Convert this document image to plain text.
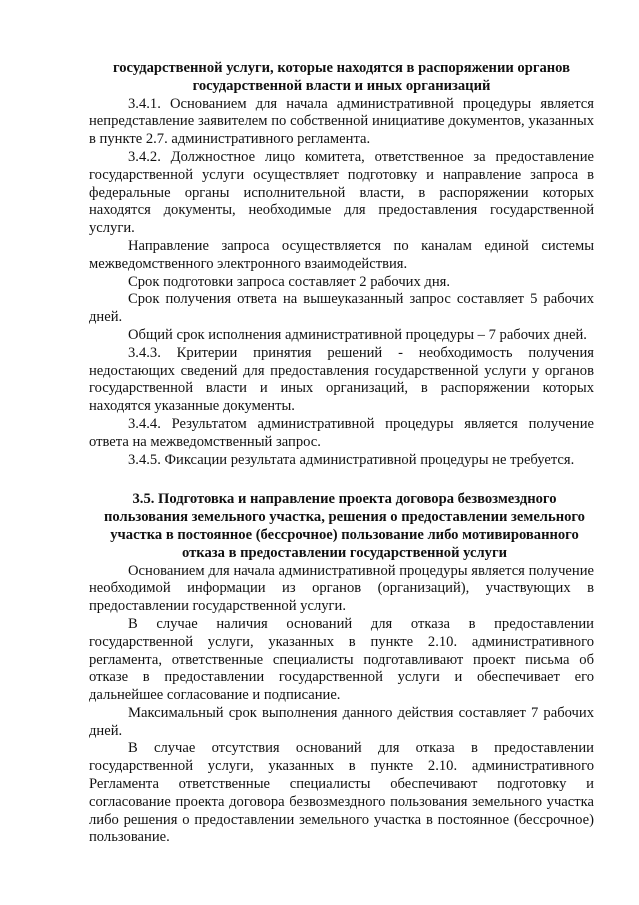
государственной услуги, которые находятся в распоряжении органов государственной власти и иных организаций

3.4.1. Основанием для начала административной процедуры является непредставление заявителем по собственной инициативе документов, указанных в пункте 2.7. административного регламента.

3.4.2. Должностное лицо комитета, ответственное за предоставление государственной услуги осуществляет подготовку и направление запроса в федеральные органы исполнительной власти, в распоряжении которых находятся документы, необходимые для предоставления государственной услуги.

Направление запроса осуществляется по каналам единой системы межведомственного электронного взаимодействия.

Срок подготовки запроса составляет 2 рабочих дня.

Срок получения ответа на вышеуказанный запрос составляет 5 рабочих дней.

Общий срок исполнения административной процедуры – 7 рабочих дней.

3.4.3. Критерии принятия решений - необходимость получения недостающих сведений для предоставления государственной услуги у органов государственной власти и иных организаций, в распоряжении которых находятся указанные документы.

3.4.4. Результатом административной процедуры является получение ответа на межведомственный запрос.

3.4.5. Фиксации результата административной процедуры не требуется.

3.5. Подготовка и направление проекта договора безвозмездного пользования земельного участка, решения о предоставлении земельного участка в постоянное (бессрочное) пользование либо мотивированного отказа в предоставлении государственной услуги

Основанием для начала административной процедуры является получение необходимой информации из органов (организаций), участвующих в предоставлении государственной услуги.

В случае наличия оснований для отказа в предоставлении государственной услуги, указанных в пункте 2.10. административного регламента, ответственные специалисты подготавливают проект письма об отказе в предоставлении государственной услуги и обеспечивает его дальнейшее согласование и подписание.

Максимальный срок выполнения данного действия составляет 7 рабочих дней.

В случае отсутствия оснований для отказа в предоставлении государственной услуги, указанных в пункте 2.10. административного Регламента ответственные специалисты обеспечивают подготовку и согласование проекта договора безвозмездного пользования земельного участка либо решения о предоставлении земельного участка в постоянное (бессрочное) пользование.
